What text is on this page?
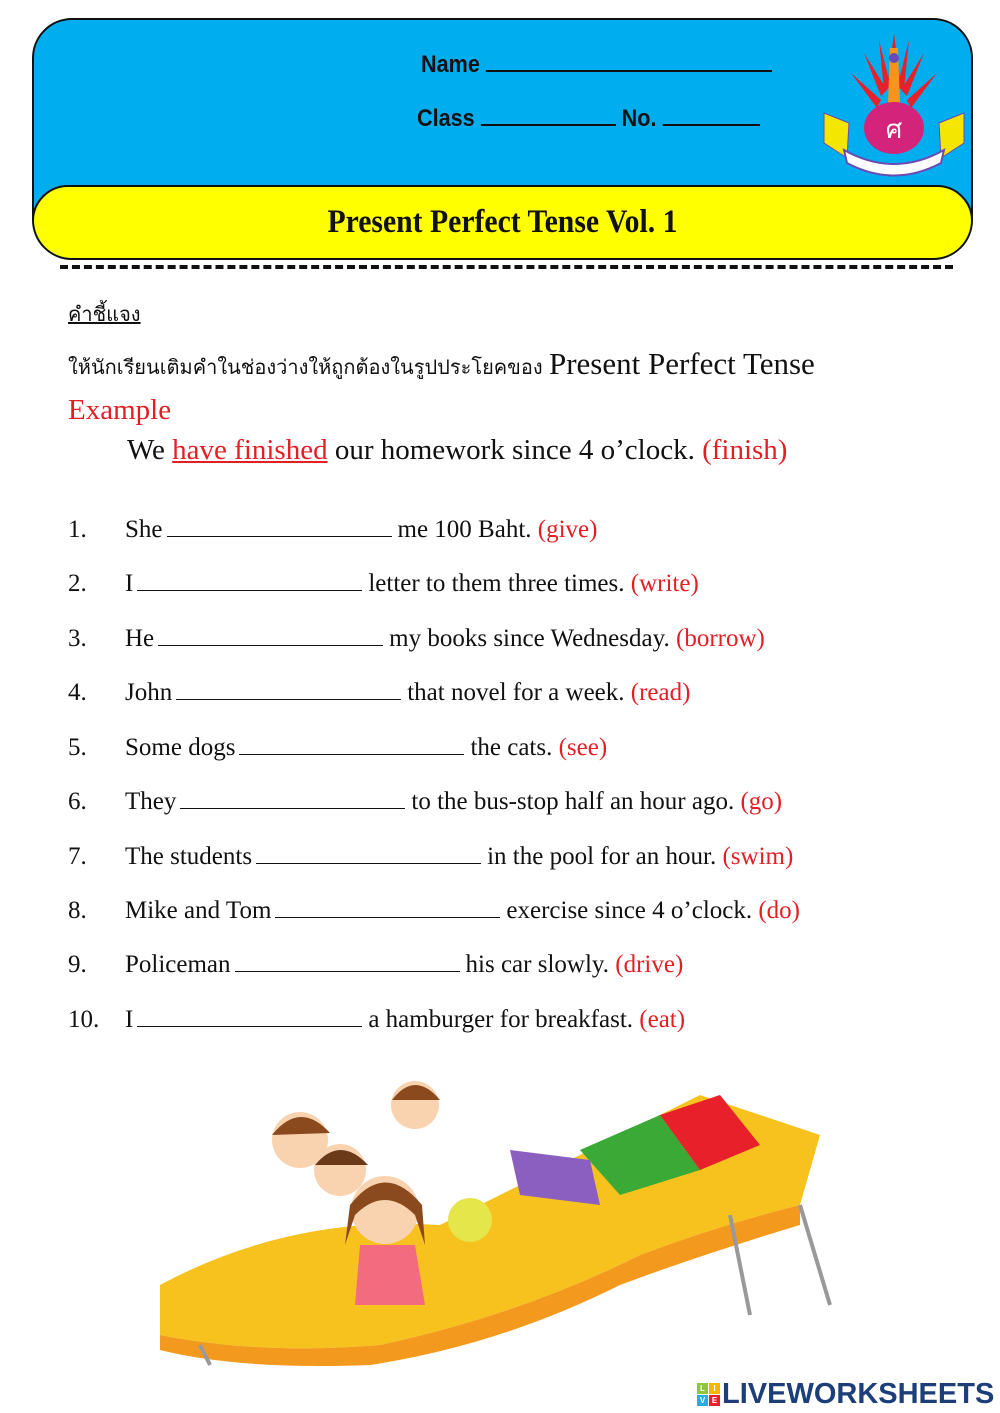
Name
Class	No.	ศ
Present Perfect Tense Vol. 1
คำชี้แจง
ให้นักเรียนเติมคำในช่องว่างให้ถูกต้องในรูปประโยคของ Present Perfect Tense
Example
We have finished our homework since 4 o’clock. (finish)
1. She	me 100 Baht. (give)
2. I	letter to them three times. (write)
3. He	my books since Wednesday. (borrow)
4. John	that novel for a week. (read)
5. Some dogs	the cats. (see)
6. They	to the bus-stop half an hour ago. (go)
7. The students	in the pool for an hour. (swim)
8. Mike and Tom	exercise since 4 o’clock. (do)
9. Policeman	his car slowly. (drive)
10. I	a hamburger for breakfast. (eat)
L	I
V E LIVEWORKSHEETS
